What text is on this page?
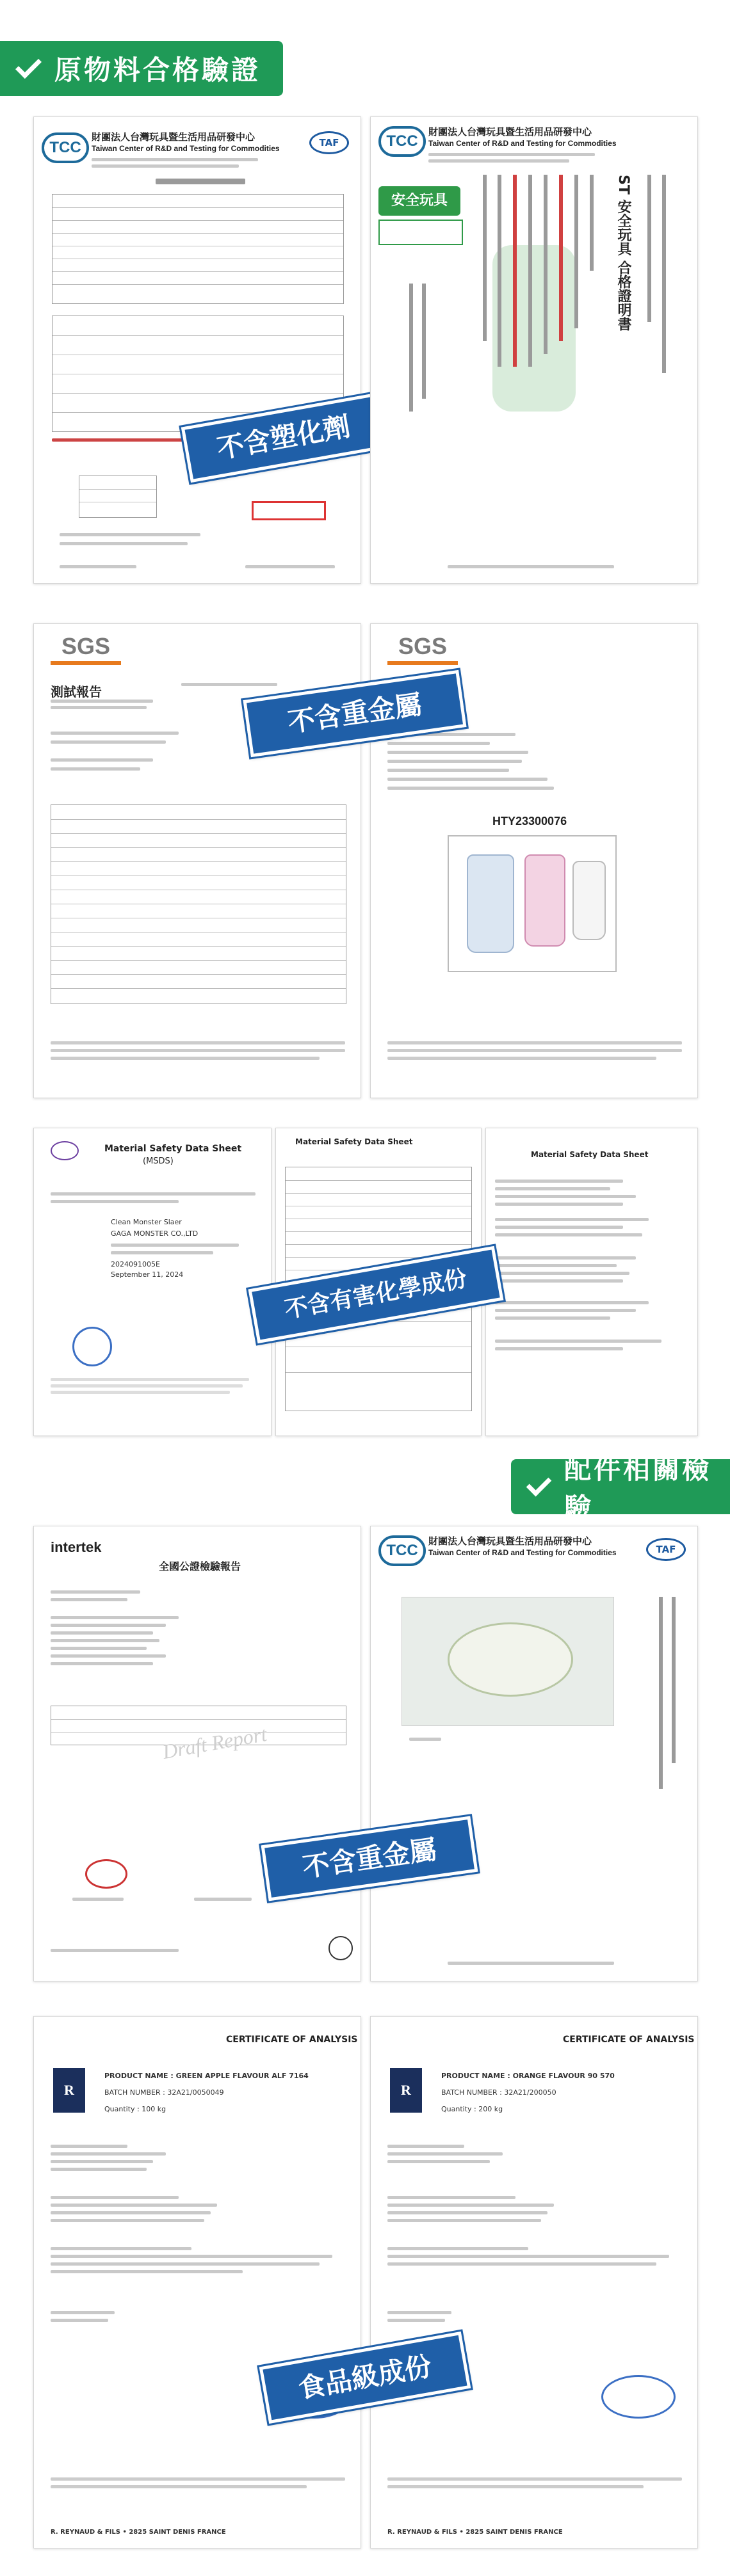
原物料合格驗證
TCC
財團法人台灣玩具暨生活用品研發中心
Taiwan Center of R&D and Testing for Commodities	TAF
不含塑化劑
TCC
財團法人台灣玩具暨生活用品研發中心
Taiwan Center of R&D and Testing for Commodities
安全玩具	ST 安全玩具 合格證明書
SGS
測試報告
SGS
HTY23300076
不含重金屬
Material Safety Data Sheet
(MSDS)
Clean Monster Slaer
GAGA MONSTER CO.,LTD
2024091005E
September 11, 2024
Material Safety Data Sheet
Material Safety Data Sheet
不含有害化學成份
配件相關檢驗
intertek
全國公證檢驗報告
Draft Report
TCC
財團法人台灣玩具暨生活用品研發中心
Taiwan Center of R&D and Testing for Commodities	TAF
不含重金屬
CERTIFICATE OF ANALYSIS
R
PRODUCT NAME : GREEN APPLE FLAVOUR ALF 7164
BATCH NUMBER : 32A21/0050049
Quantity : 100 kg
R. REYNAUD & FILS • 2825 SAINT DENIS FRANCE
CERTIFICATE OF ANALYSIS
R
PRODUCT NAME : ORANGE FLAVOUR 90 570
BATCH NUMBER : 32A21/200050
Quantity : 200 kg
R. REYNAUD & FILS • 2825 SAINT DENIS FRANCE
食品級成份
